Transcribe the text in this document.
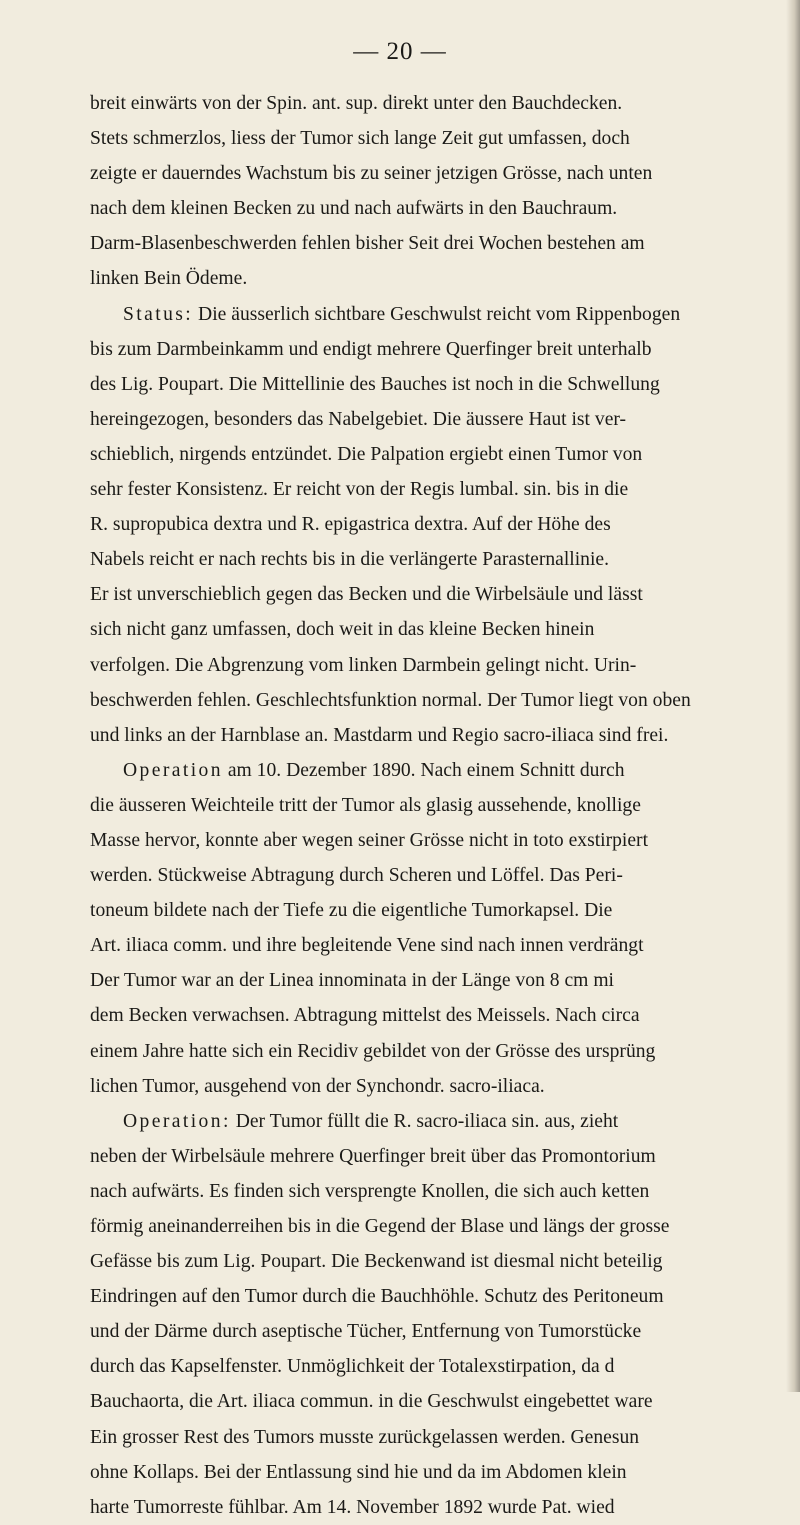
— 20 —
breit einwärts von der Spin. ant. sup. direkt unter den Bauchdecken.
Stets schmerzlos, liess der Tumor sich lange Zeit gut umfassen, doch
zeigte er dauerndes Wachstum bis zu seiner jetzigen Grösse, nach unten
nach dem kleinen Becken zu und nach aufwärts in den Bauchraum.
Darm-Blasenbeschwerden fehlen bisher Seit drei Wochen bestehen am
linken Bein Ödeme.
Status: Die äusserlich sichtbare Geschwulst reicht vom Rippenbogen
bis zum Darmbeinkamm und endigt mehrere Querfinger breit unterhalb
des Lig. Poupart. Die Mittellinie des Bauches ist noch in die Schwellung
hereingezogen, besonders das Nabelgebiet. Die äussere Haut ist ver-
schieblich, nirgends entzündet. Die Palpation ergiebt einen Tumor von
sehr fester Konsistenz. Er reicht von der Regis lumbal. sin. bis in die
R. supropubica dextra und R. epigastrica dextra. Auf der Höhe des
Nabels reicht er nach rechts bis in die verlängerte Parasternallinie.
Er ist unverschieblich gegen das Becken und die Wirbelsäule und lässt
sich nicht ganz umfassen, doch weit in das kleine Becken hinein
verfolgen. Die Abgrenzung vom linken Darmbein gelingt nicht. Urin-
beschwerden fehlen. Geschlechtsfunktion normal. Der Tumor liegt von oben
und links an der Harnblase an. Mastdarm und Regio sacro-iliaca sind frei.
Operation am 10. Dezember 1890. Nach einem Schnitt durch
die äusseren Weichteile tritt der Tumor als glasig aussehende, knollige
Masse hervor, konnte aber wegen seiner Grösse nicht in toto exstirpiert
werden. Stückweise Abtragung durch Scheren und Löffel. Das Peri-
toneum bildete nach der Tiefe zu die eigentliche Tumorkapsel. Die
Art. iliaca comm. und ihre begleitende Vene sind nach innen verdrängt
Der Tumor war an der Linea innominata in der Länge von 8 cm mi
dem Becken verwachsen. Abtragung mittelst des Meissels. Nach circa
einem Jahre hatte sich ein Recidiv gebildet von der Grösse des ursprüng
lichen Tumor, ausgehend von der Synchondr. sacro-iliaca.
Operation: Der Tumor füllt die R. sacro-iliaca sin. aus, zieht
neben der Wirbelsäule mehrere Querfinger breit über das Promontorium
nach aufwärts. Es finden sich versprengte Knollen, die sich auch ketten
förmig aneinanderreihen bis in die Gegend der Blase und längs der grosse
Gefässe bis zum Lig. Poupart. Die Beckenwand ist diesmal nicht beteilig
Eindringen auf den Tumor durch die Bauchhöhle. Schutz des Peritoneum
und der Därme durch aseptische Tücher, Entfernung von Tumorstücke
durch das Kapselfenster. Unmöglichkeit der Totalexstirpation, da d
Bauchaorta, die Art. iliaca commun. in die Geschwulst eingebettet ware
Ein grosser Rest des Tumors musste zurückgelassen werden. Genesun
ohne Kollaps. Bei der Entlassung sind hie und da im Abdomen klein
harte Tumorreste fühlbar. Am 14. November 1892 wurde Pat. wied
